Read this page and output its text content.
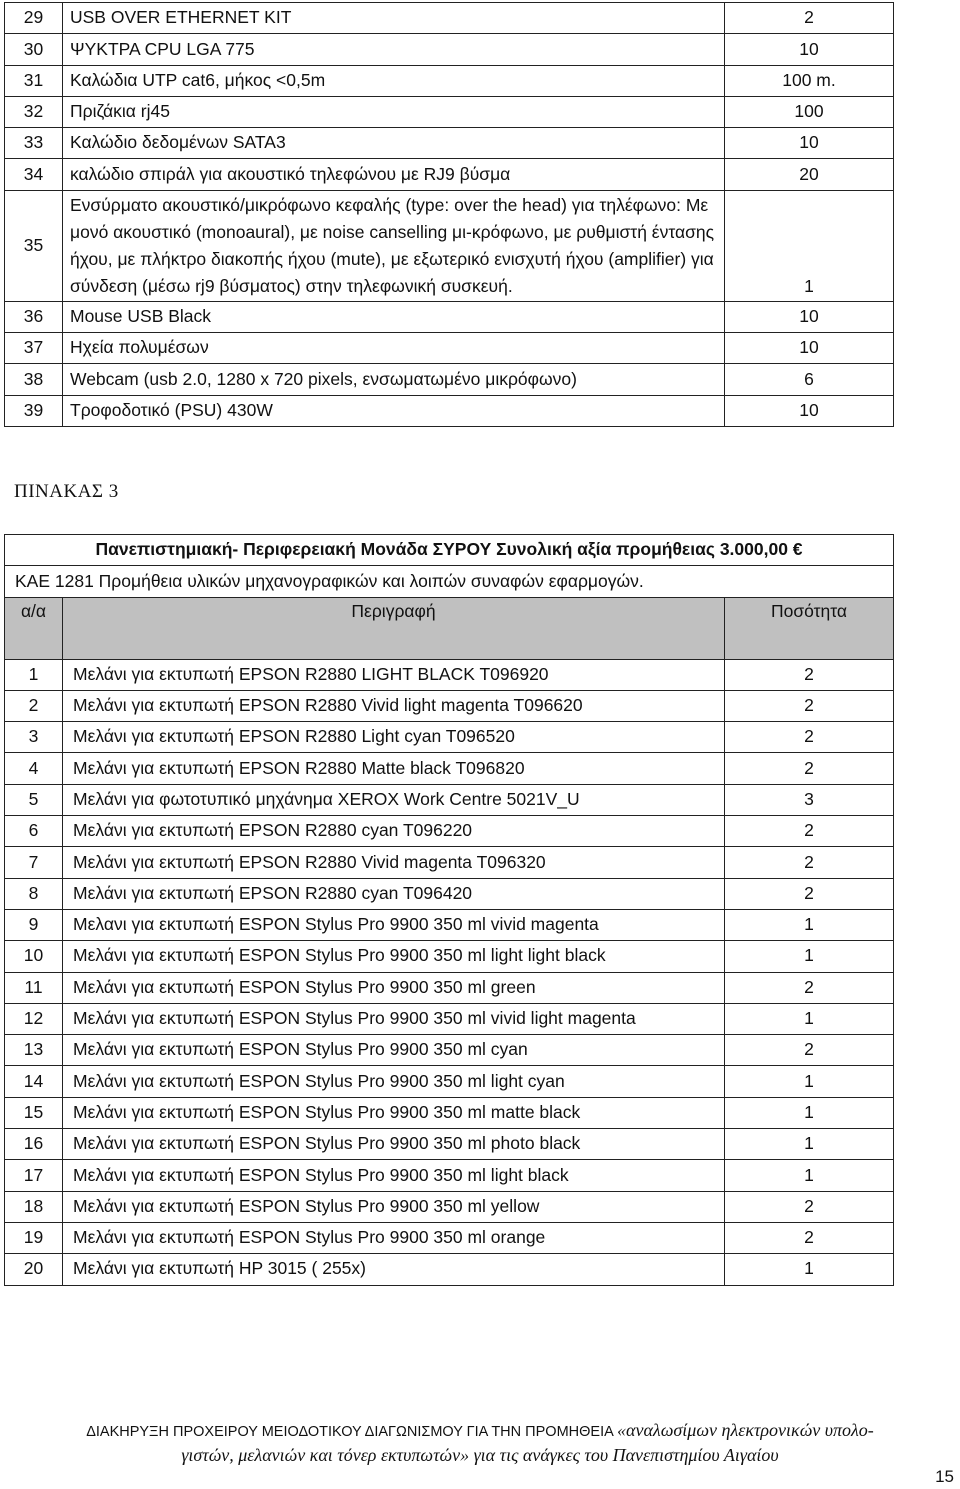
29	USB OVER ETHERNET KIT	2
30	ΨΥΚΤΡΑ CPU LGA 775	10
31	Καλώδια UTP cat6, μήκος <0,5m	100 m.
32	Πριζάκια rj45	100
33	Καλώδιο δεδομένων SATA3	10
34	καλώδιο σπιράλ για ακουστικό τηλεφώνου με RJ9 βύσμα	20
35	Ενσύρματο ακουστικό/μικρόφωνο κεφαλής (type: over the head) για τηλέφωνο: Με μονό ακουστικό (monoaural), με noise canselling μι-κρόφωνο, με ρυθμιστή έντασης ήχου, με πλήκτρο διακοπής ήχου (mute), με εξωτερικό ενισχυτή ήχου (amplifier) για σύνδεση (μέσω rj9 βύσματος) στην τηλεφωνική συσκευή.	1
36	Mouse USB Black	10
37	Ηχεία πολυμέσων	10
38	Webcam (usb 2.0, 1280 x 720 pixels, ενσωματωμένο μικρόφωνο)	6
39	Τροφοδοτικό (PSU) 430W	10
ΠΙΝΑΚΑΣ 3
Πανεπιστημιακή- Περιφερειακή Μονάδα ΣΥΡΟΥ Συνολική αξία προμήθειας 3.000,00 €		
ΚΑΕ 1281 Προμήθεια υλικών μηχανογραφικών και λοιπών συναφών εφαρμογών.		
α/α	Περιγραφή	Ποσότητα
1	Μελάνι για εκτυπωτή EPSON R2880 LIGHT BLACK T096920	2
2	Μελάνι για εκτυπωτή EPSON R2880 Vivid light magenta T096620	2
3	Μελάνι για εκτυπωτή EPSON R2880 Light cyan T096520	2
4	Μελάνι για εκτυπωτή EPSON R2880 Matte black T096820	2
5	Μελάνι για φωτοτυπικό μηχάνημα XEROX Work Centre 5021V_U	3
6	Μελάνι για εκτυπωτή EPSON R2880 cyan T096220	2
7	Μελάνι για εκτυπωτή EPSON R2880 Vivid magenta T096320	2
8	Μελάνι για εκτυπωτή EPSON R2880 cyan T096420	2
9	Μελανι για εκτυπωτή ESPON Stylus Pro 9900 350 ml vivid magenta	1
10	Μελάνι για εκτυπωτή ESPON Stylus Pro 9900 350 ml light light black	1
11	Μελάνι για εκτυπωτή ESPON Stylus Pro 9900 350 ml green	2
12	Μελάνι για εκτυπωτή ESPON Stylus Pro 9900 350 ml vivid light magenta	1
13	Μελάνι για εκτυπωτή ESPON Stylus Pro 9900 350 ml cyan	2
14	Μελάνι για εκτυπωτή ESPON Stylus Pro 9900 350 ml light cyan	1
15	Μελάνι για εκτυπωτή ESPON Stylus Pro 9900 350 ml matte black	1
16	Μελάνι για εκτυπωτή ESPON Stylus Pro 9900 350 ml photo black	1
17	Μελάνι για εκτυπωτή ESPON Stylus Pro 9900 350 ml light black	1
18	Μελάνι για εκτυπωτή ESPON Stylus Pro 9900 350 ml yellow	2
19	Μελάνι για εκτυπωτή ESPON Stylus Pro 9900 350 ml orange	2
20	Μελάνι για εκτυπωτή HP 3015 ( 255x)	1
ΔΙΑΚΗΡΥΞΗ ΠΡΟΧΕΙΡΟΥ ΜΕΙΟΔΟΤΙΚΟΥ ΔΙΑΓΩΝΙΣΜΟΥ ΓΙΑ ΤΗΝ ΠΡΟΜΗΘΕΙΑ «αναλωσίμων ηλεκτρονικών υπολο-
γιστών, μελανιών και τόνερ εκτυπωτών» για τις ανάγκες του Πανεπιστημίου Αιγαίου
15
